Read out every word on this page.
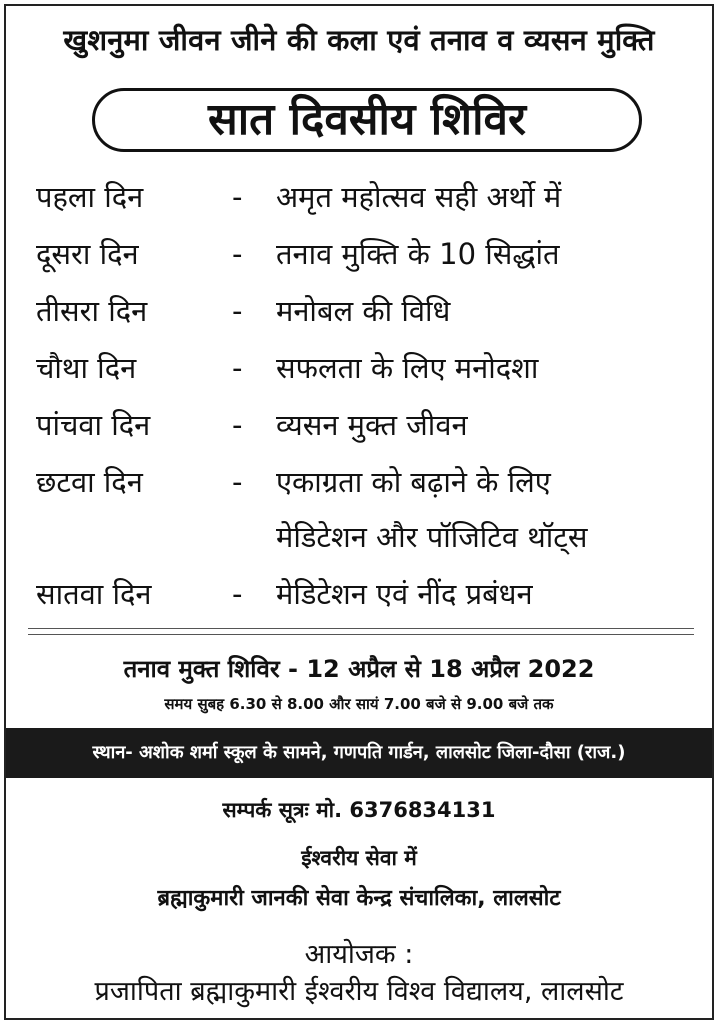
खुशनुमा जीवन जीने की कला एवं तनाव व व्यसन मुक्ति
सात दिवसीय शिविर
पहला दिन	- अमृत महोत्सव सही अर्थो में
दूसरा दिन	- तनाव मुक्ति के 10 सिद्धांत
तीसरा दिन	- मनोबल की विधि
चौथा दिन	- सफलता के लिए मनोदशा
पांचवा दिन	- व्यसन मुक्त जीवन
छटवा दिन	- एकाग्रता को बढ़ाने के लिए
मेडिटेशन और पॉजिटिव थॉट्स
सातवा दिन	- मेडिटेशन एवं नींद प्रबंधन
तनाव मुक्त शिविर - 12 अप्रैल से 18 अप्रैल 2022
समय सुबह 6.30 से 8.00 और सायं 7.00 बजे से 9.00 बजे तक
स्थान- अशोक शर्मा स्कूल के सामने, गणपति गार्डन, लालसोट जिला-दौसा (राज.)
सम्पर्क सूत्रः मो. 6376834131
ईश्वरीय सेवा में
ब्रह्माकुमारी जानकी सेवा केन्द्र संचालिका, लालसोट
आयोजक :
प्रजापिता ब्रह्माकुमारी ईश्वरीय विश्व विद्यालय, लालसोट
